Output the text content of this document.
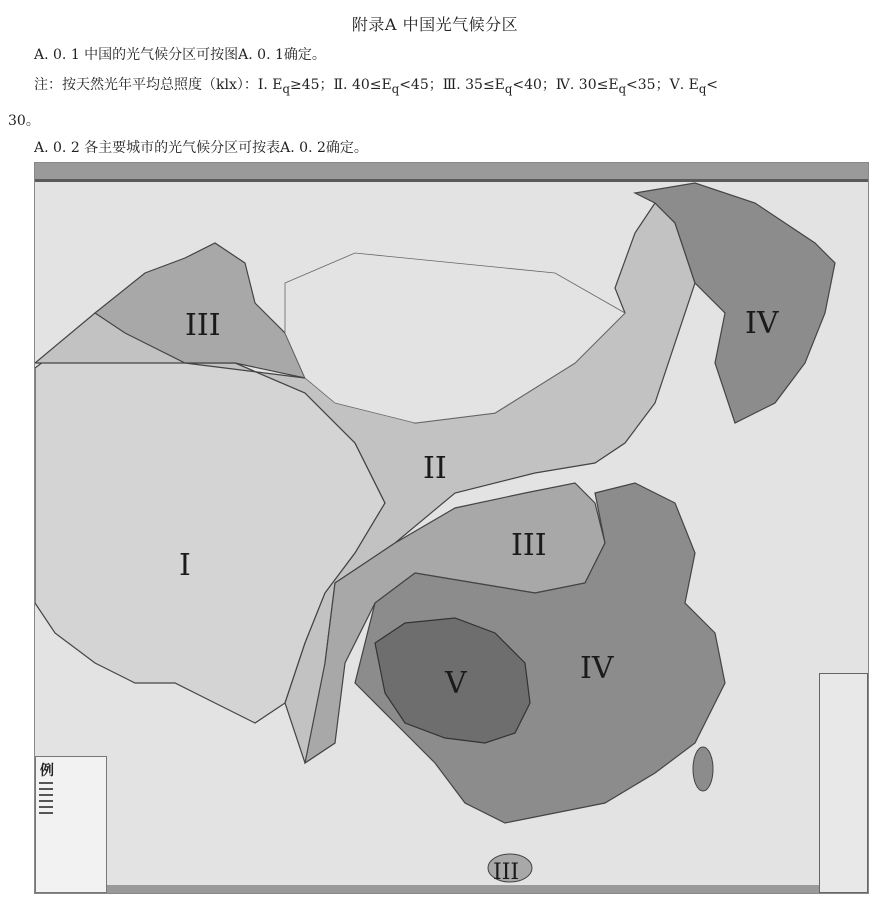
附录A 中国光气候分区
A. 0. 1 中国的光气候分区可按图A. 0. 1确定。
注：按天然光年平均总照度（klx）：Ⅰ. $E_q\ge 45$；Ⅱ. $40\le E_q<45$；Ⅲ. $35\le E_q<40$；Ⅳ. $30\le E_q<35$；Ⅴ. $E_q<$
30。
A. 0. 2 各主要城市的光气候分区可按表A. 0. 2确定。
III	IV
II
I
III
IV
V
III
例
